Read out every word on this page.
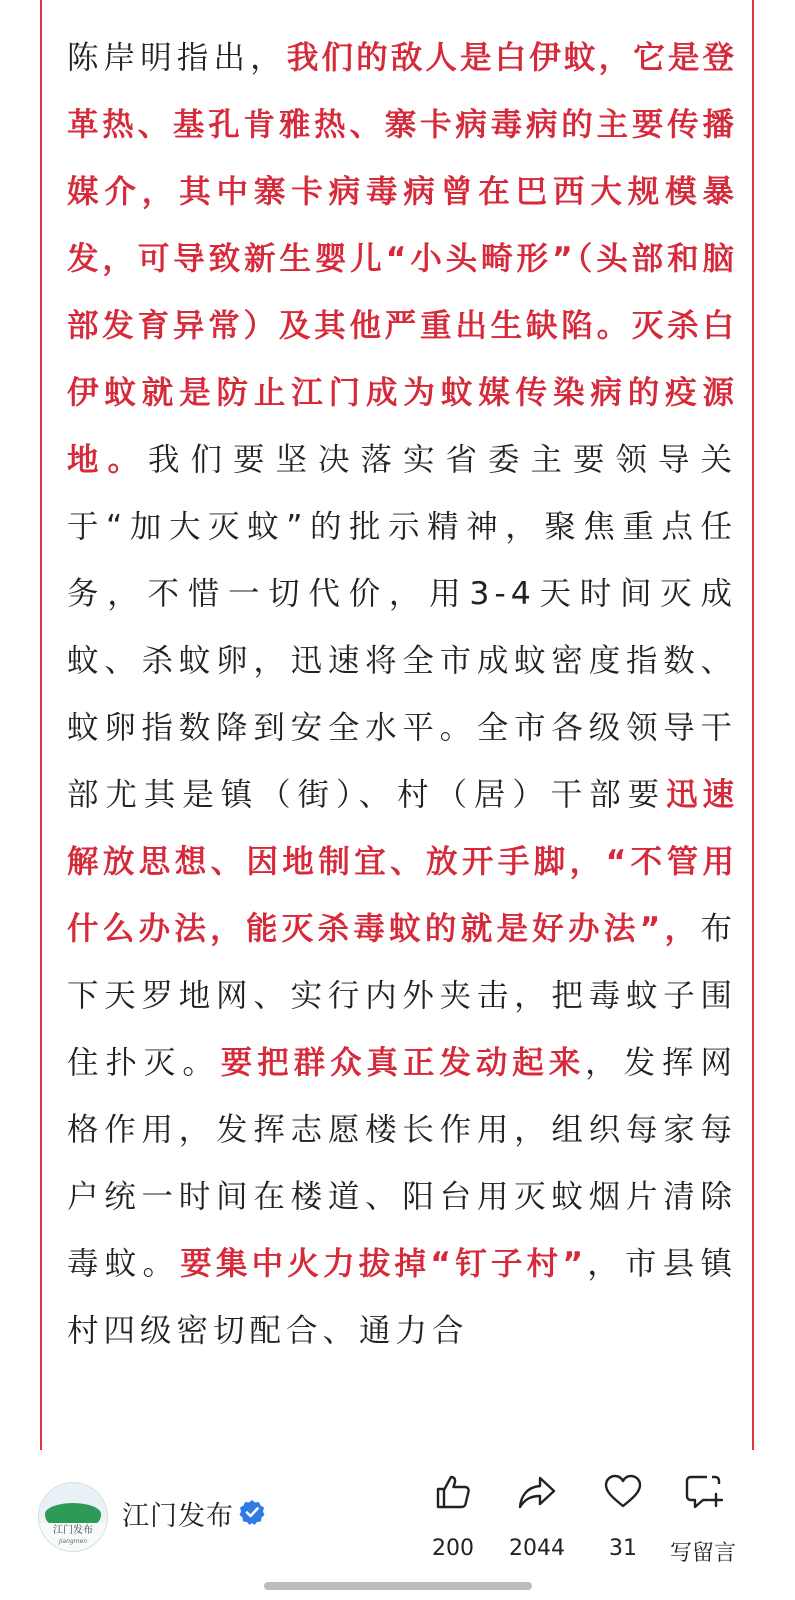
陈岸明指出，我们的敌人是白伊蚊，它是登革热、基孔肯雅热、寨卡病毒病的主要传播媒介，其中寨卡病毒病曾在巴西大规模暴发，可导致新生婴儿“小头畸形”（头部和脑部发育异常）及其他严重出生缺陷。灭杀白伊蚊就是防止江门成为蚊媒传染病的疫源地。我们要坚决落实省委主要领导关于“加大灭蚊”的批示精神，聚焦重点任务，不惜一切代价，用3-4天时间灭成蚊、杀蚊卵，迅速将全市成蚊密度指数、蚊卵指数降到安全水平。全市各级领导干部尤其是镇（街）、村（居）干部要迅速解放思想、因地制宜、放开手脚，“不管用什么办法，能灭杀毒蚊的就是好办法”，布下天罗地网、实行内外夹击，把毒蚊子围住扑灭。要把群众真正发动起来，发挥网格作用，发挥志愿楼长作用，组织每家每户统一时间在楼道、阳台用灭蚊烟片清除毒蚊。要集中火力拔掉“钉子村”，市县镇村四级密切配合、通力合

江门发布
Jiangmen
江门发布
200	2044	31	写留言
